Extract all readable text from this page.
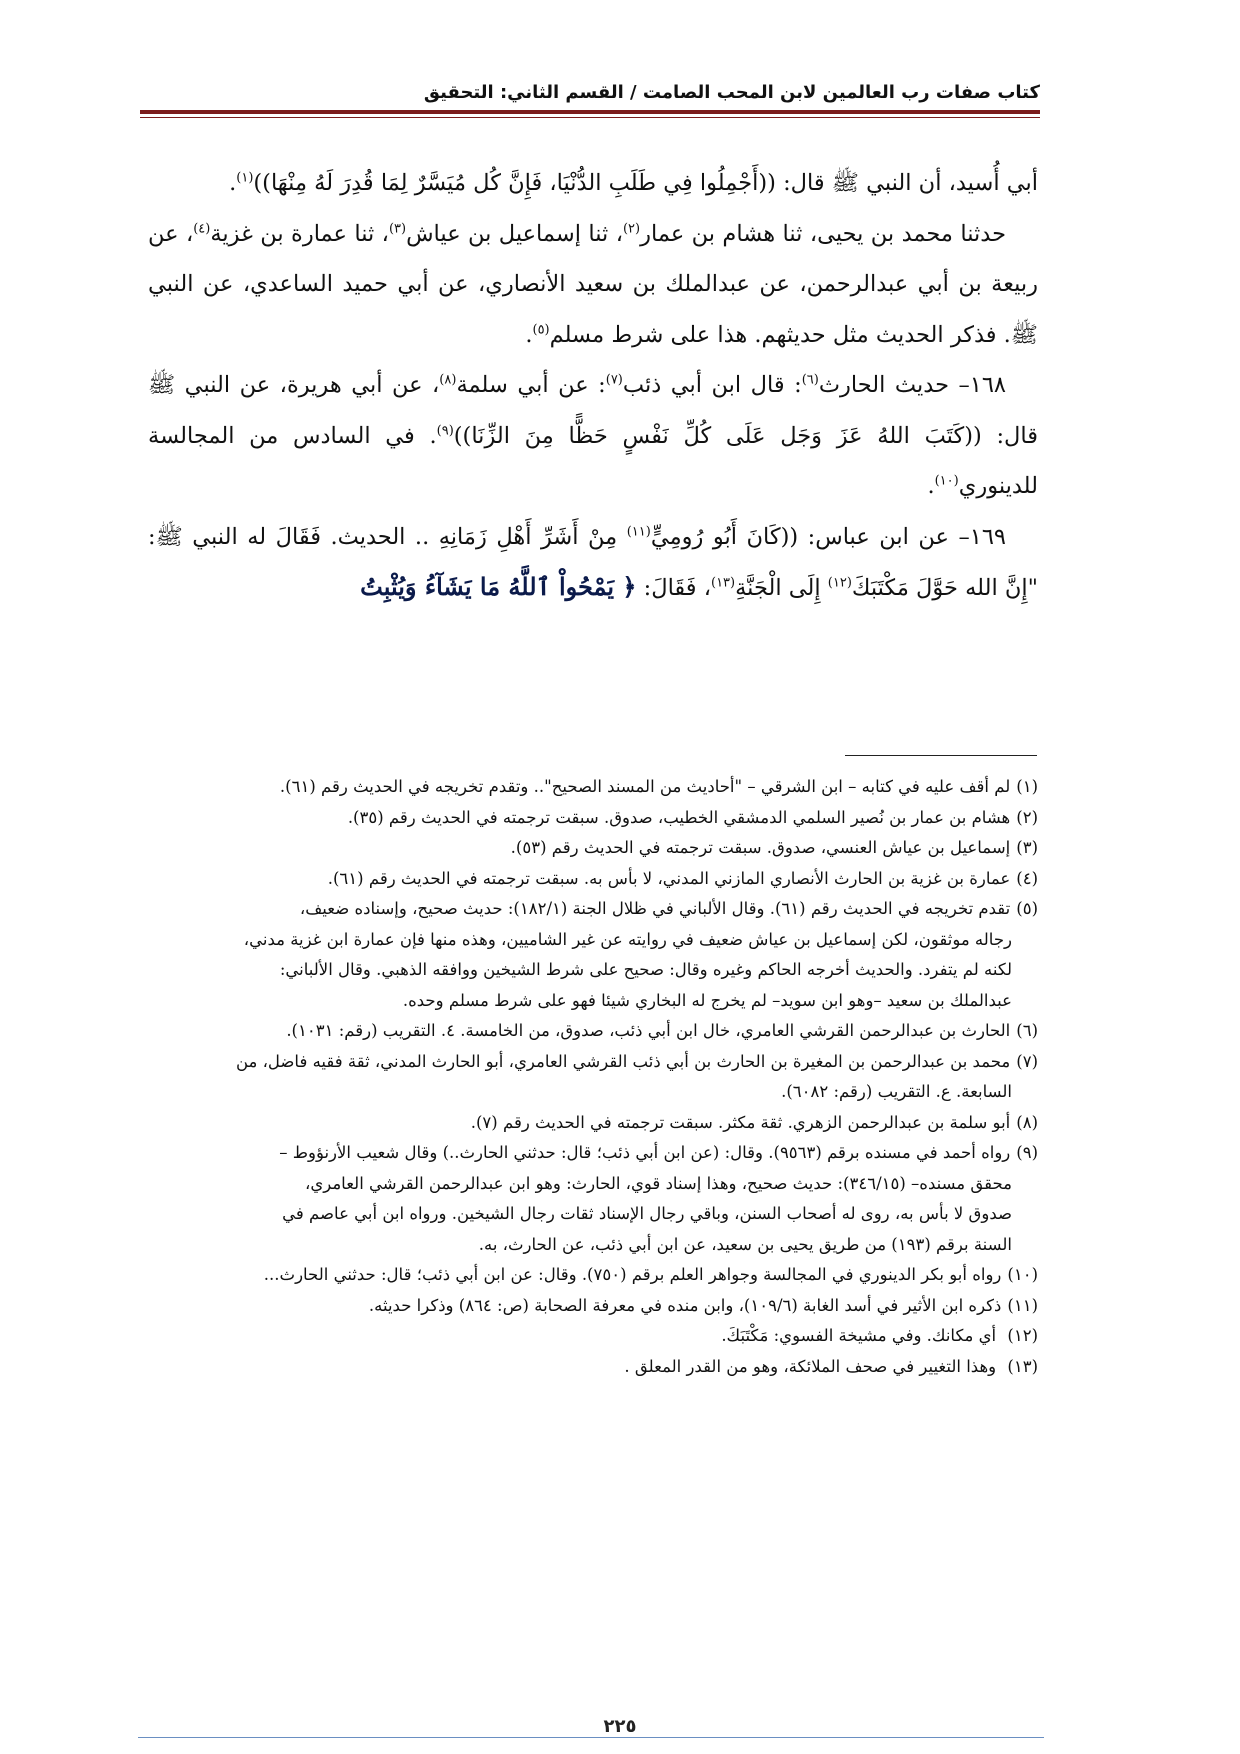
كتاب صفات رب العالمين لابن المحب الصامت / القسم الثاني: التحقيق

أبي أُسيد، أن النبي ﷺ قال: ((أَجْمِلُوا فِي طَلَبِ الدُّنْيَا، فَإِنَّ كُل مُيَسَّرٌ لِمَا قُدِرَ لَهُ مِنْهَا))$^{(١)}$.

حدثنا محمد بن يحيى، ثنا هشام بن عمار$^{(٢)}$، ثنا إسماعيل بن عياش$^{(٣)}$، ثنا عمارة بن غزية$^{(٤)}$، عن ربيعة بن أبي عبدالرحمن، عن عبدالملك بن سعيد الأنصاري، عن أبي حميد الساعدي، عن النبي ﷺ. فذكر الحديث مثل حديثهم. هذا على شرط مسلم$^{(٥)}$.

١٦٨– حديث الحارث$^{(٦)}$: قال ابن أبي ذئب$^{(٧)}$: عن أبي سلمة$^{(٨)}$، عن أبي هريرة، عن النبي ﷺ قال: ((كَتَبَ اللهُ عَزَ وَجَل عَلَى كُلِّ نَفْسٍ حَظًّا مِنَ الزِّنَا))$^{(٩)}$. في السادس من المجالسة للدينوري$^{(١٠)}$.

١٦٩– عن ابن عباس: ((كَانَ أَبُو رُومِيٍّ$^{(١١)}$ مِنْ أَشَرِّ أَهْلِ زَمَانِهِ .. الحديث. فَقَالَ له النبي ﷺ: "إِنَّ الله حَوَّلَ مَكْتَبَكَ$^{(١٢)}$ إِلَى الْجَنَّةِ$^{(١٣)}$، فَقَالَ: ﴿ يَمْحُواْ ٱللَّهُ مَا يَشَآءُ وَيُثْبِتُ

(١)لم أقف عليه في كتابه – ابن الشرقي – "أحاديث من المسند الصحيح".. وتقدم تخريجه في الحديث رقم (٦١).

(٢)هشام بن عمار بن نُصير السلمي الدمشقي الخطيب، صدوق. سبقت ترجمته في الحديث رقم (٣٥).

(٣)إسماعيل بن عياش العنسي، صدوق. سبقت ترجمته في الحديث رقم (٥٣).

(٤)عمارة بن غزية بن الحارث الأنصاري المازني المدني، لا بأس به. سبقت ترجمته في الحديث رقم (٦١).

(٥)تقدم تخريجه في الحديث رقم (٦١). وقال الألباني في ظلال الجنة (١٨٢/١): حديث صحيح، وإسناده ضعيف،

رجاله موثقون، لكن إسماعيل بن عياش ضعيف في روايته عن غير الشاميين، وهذه منها فإن عمارة ابن غزية مدني،

لكنه لم يتفرد. والحديث أخرجه الحاكم وغيره وقال: صحيح على شرط الشيخين ووافقه الذهبي. وقال الألباني:

عبدالملك بن سعيد –وهو ابن سويد– لم يخرج له البخاري شيئا فهو على شرط مسلم وحده.

(٦)الحارث بن عبدالرحمن القرشي العامري، خال ابن أبي ذئب، صدوق، من الخامسة. ٤. التقريب (رقم: ١٠٣١).

(٧)محمد بن عبدالرحمن بن المغيرة بن الحارث بن أبي ذئب القرشي العامري، أبو الحارث المدني، ثقة فقيه فاضل، من

السابعة. ع. التقريب (رقم: ٦٠٨٢).

(٨)أبو سلمة بن عبدالرحمن الزهري. ثقة مكثر. سبقت ترجمته في الحديث رقم (٧).

(٩)رواه أحمد في مسنده برقم (٩٥٦٣). وقال: (عن ابن أبي ذئب؛ قال: حدثني الحارث..) وقال شعيب الأرنؤوط –

محقق مسنده– (٣٤٦/١٥): حديث صحيح، وهذا إسناد قوي، الحارث: وهو ابن عبدالرحمن القرشي العامري،

صدوق لا بأس به، روى له أصحاب السنن، وباقي رجال الإسناد ثقات رجال الشيخين. ورواه ابن أبي عاصم في

السنة برقم (١٩٣) من طريق يحيى بن سعيد، عن ابن أبي ذئب، عن الحارث، به.

(١٠)رواه أبو بكر الدينوري في المجالسة وجواهر العلم برقم (٧٥٠). وقال: عن ابن أبي ذئب؛ قال: حدثني الحارث...

(١١)ذكره ابن الأثير في أسد الغابة (١٠٩/٦)، وابن منده في معرفة الصحابة (ص: ٨٦٤) وذكرا حديثه.

(١٢) أي مكانك. وفي مشيخة الفسوي: مَكْتَبَكَ.

(١٣) وهذا التغيير في صحف الملائكة، وهو من القدر المعلق .

٢٢٥
